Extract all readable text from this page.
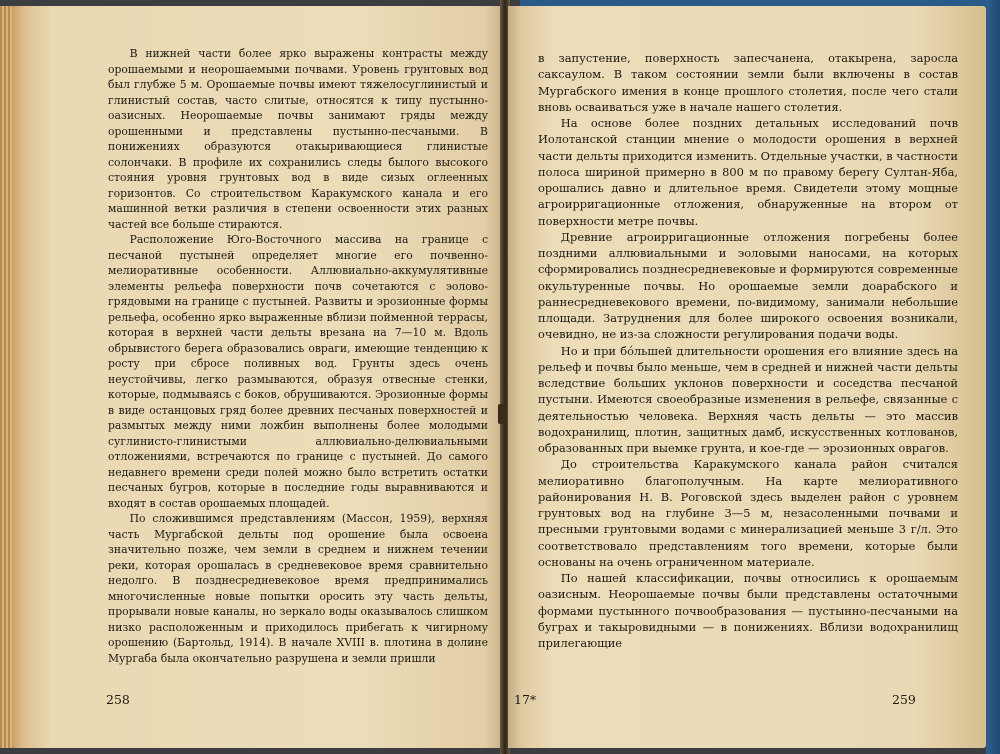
В нижней части более ярко выражены контрасты между орошаемыми и неорошаемыми почвами. Уровень грунтовых вод был глубже 5 м. Орошаемые почвы имеют тяжелосуглинистый и глинистый состав, часто слитые, относятся к типу пустынно-оазисных. Неорошаемые почвы занимают гряды между орошенными и представлены пустынно-песчаными. В понижениях образуются отакыривающиеся глинистые солончаки. В профиле их сохранились следы былого высокого стояния уровня грунтовых вод в виде сизых оглеенных горизонтов. Со строительством Каракумского канала и его машинной ветки различия в степени освоенности этих разных частей все больше стираются.

Расположение Юго-Восточного массива на границе с песчаной пустыней определяет многие его почвенно-мелиоративные особенности. Аллювиально-аккумулятивные элементы рельефа поверхности почв сочетаются с эолово-грядовыми на границе с пустыней. Развиты и эрозионные формы рельефа, особенно ярко выраженные вблизи пойменной террасы, которая в верхней части дельты врезана на 7—10 м. Вдоль обрывистого берега образовались овраги, имеющие тенденцию к росту при сбросе поливных вод. Грунты здесь очень неустойчивы, легко размываются, образуя отвесные стенки, которые, подмываясь с боков, обрушиваются. Эрозионные формы в виде останцовых гряд более древних песчаных поверхностей и размытых между ними ложбин выполнены более молодыми суглинисто-глинистыми аллювиально-делювиальными отложениями, встречаются по границе с пустыней. До самого недавнего времени среди полей можно было встретить остатки песчаных бугров, которые в последние годы выравниваются и входят в состав орошаемых площадей.

По сложившимся представлениям (Массон, 1959), верхняя часть Мургабской дельты под орошение была освоена значительно позже, чем земли в среднем и нижнем течении реки, которая орошалась в средневековое время сравнительно недолго. В позднесредневековое время предпринимались многочисленные новые попытки оросить эту часть дельты, прорывали новые каналы, но зеркало воды оказывалось слишком низко расположенным и приходилось прибегать к чигирному орошению (Бартольд, 1914). В начале XVIII в. плотина в долине Мургаба была окончательно разрушена и земли пришли

258

в запустение, поверхность запесчанена, отакырена, заросла саксаулом. В таком состоянии земли были включены в состав Мургабского имения в конце прошлого столетия, после чего стали вновь осваиваться уже в начале нашего столетия.

На основе более поздних детальных исследований почв Иолотанской станции мнение о молодости орошения в верхней части дельты приходится изменить. Отдельные участки, в частности полоса шириной примерно в 800 м по правому берегу Султан-Яба, орошались давно и длительное время. Свидетели этому мощные агроирригационные отложения, обнаруженные на втором от поверхности метре почвы.

Древние агроирригационные отложения погребены более поздними аллювиальными и эоловыми наносами, на которых сформировались позднесредневековые и формируются современные окультуренные почвы. Но орошаемые земли доарабского и раннесредневекового времени, по-видимому, занимали небольшие площади. Затруднения для более широкого освоения возникали, очевидно, не из-за сложности регулирования подачи воды.

Но и при бóльшей длительности орошения его влияние здесь на рельеф и почвы было меньше, чем в средней и нижней части дельты вследствие больших уклонов поверхности и соседства песчаной пустыни. Имеются своеобразные изменения в рельефе, связанные с деятельностью человека. Верхняя часть дельты — это массив водохранилищ, плотин, защитных дамб, искусственных котлованов, образованных при выемке грунта, и кое-где — эрозионных оврагов.

До строительства Каракумского канала район считался мелиоративно благополучным. На карте мелиоративного районирования Н. В. Роговской здесь выделен район с уровнем грунтовых вод на глубине 3—5 м, незасоленными почвами и пресными грунтовыми водами с минерализацией меньше 3 г/л. Это соответствовало представлениям того времени, которые были основаны на очень ограниченном материале.

По нашей классификации, почвы относились к орошаемым оазисным. Неорошаемые почвы были представлены остаточными формами пустынного почвообразования — пустынно-песчаными на буграх и такыровидными — в понижениях. Вблизи водохранилищ прилегающие

17*	259
